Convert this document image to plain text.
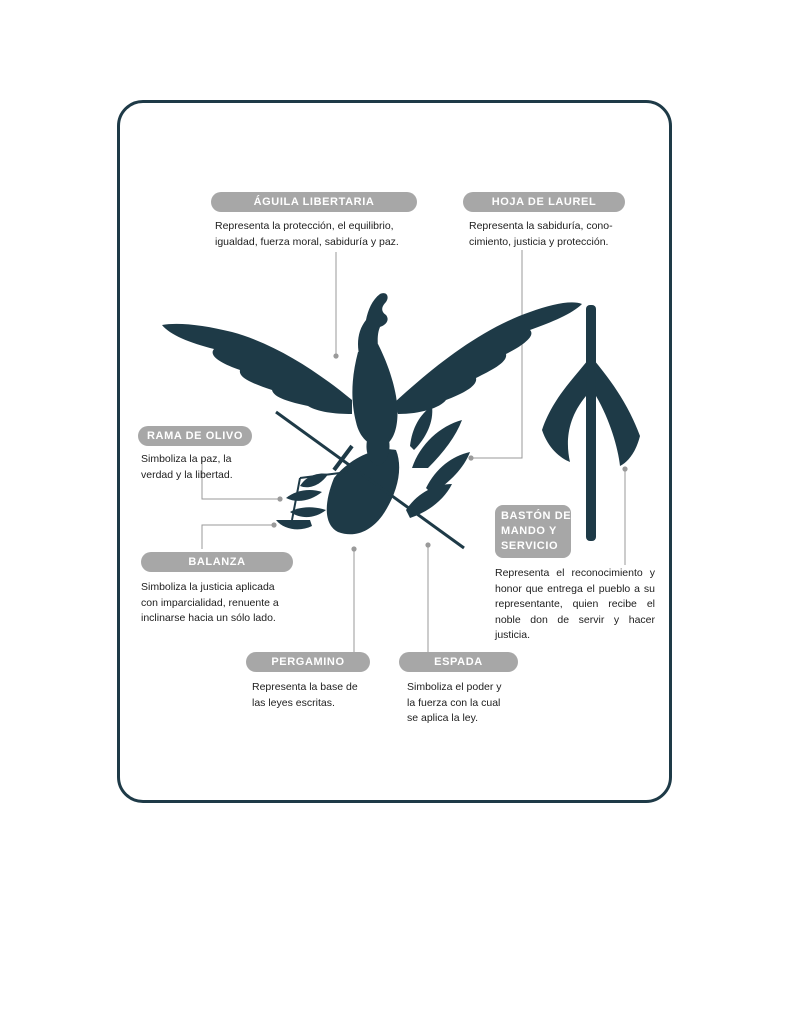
ÁGUILA LIBERTARIA
Representa la protección, el equilibrio,
igualdad, fuerza moral, sabiduría y paz.
HOJA DE LAUREL
Representa la sabiduría, cono-
cimiento, justicia y protección.
RAMA DE OLIVO
Simboliza la paz, la
verdad y la libertad.
BALANZA
Simboliza la justicia aplicada
con imparcialidad, renuente a
inclinarse hacia un sólo lado.
BASTÓN DE
MANDO Y
SERVICIO
Representa el reconocimiento y honor que entrega el pueblo a su representante, quien recibe el noble don de servir y hacer justicia.
PERGAMINO
Representa la base de
las leyes escritas.
ESPADA
Simboliza el poder y
la fuerza con la cual
se aplica la ley.
